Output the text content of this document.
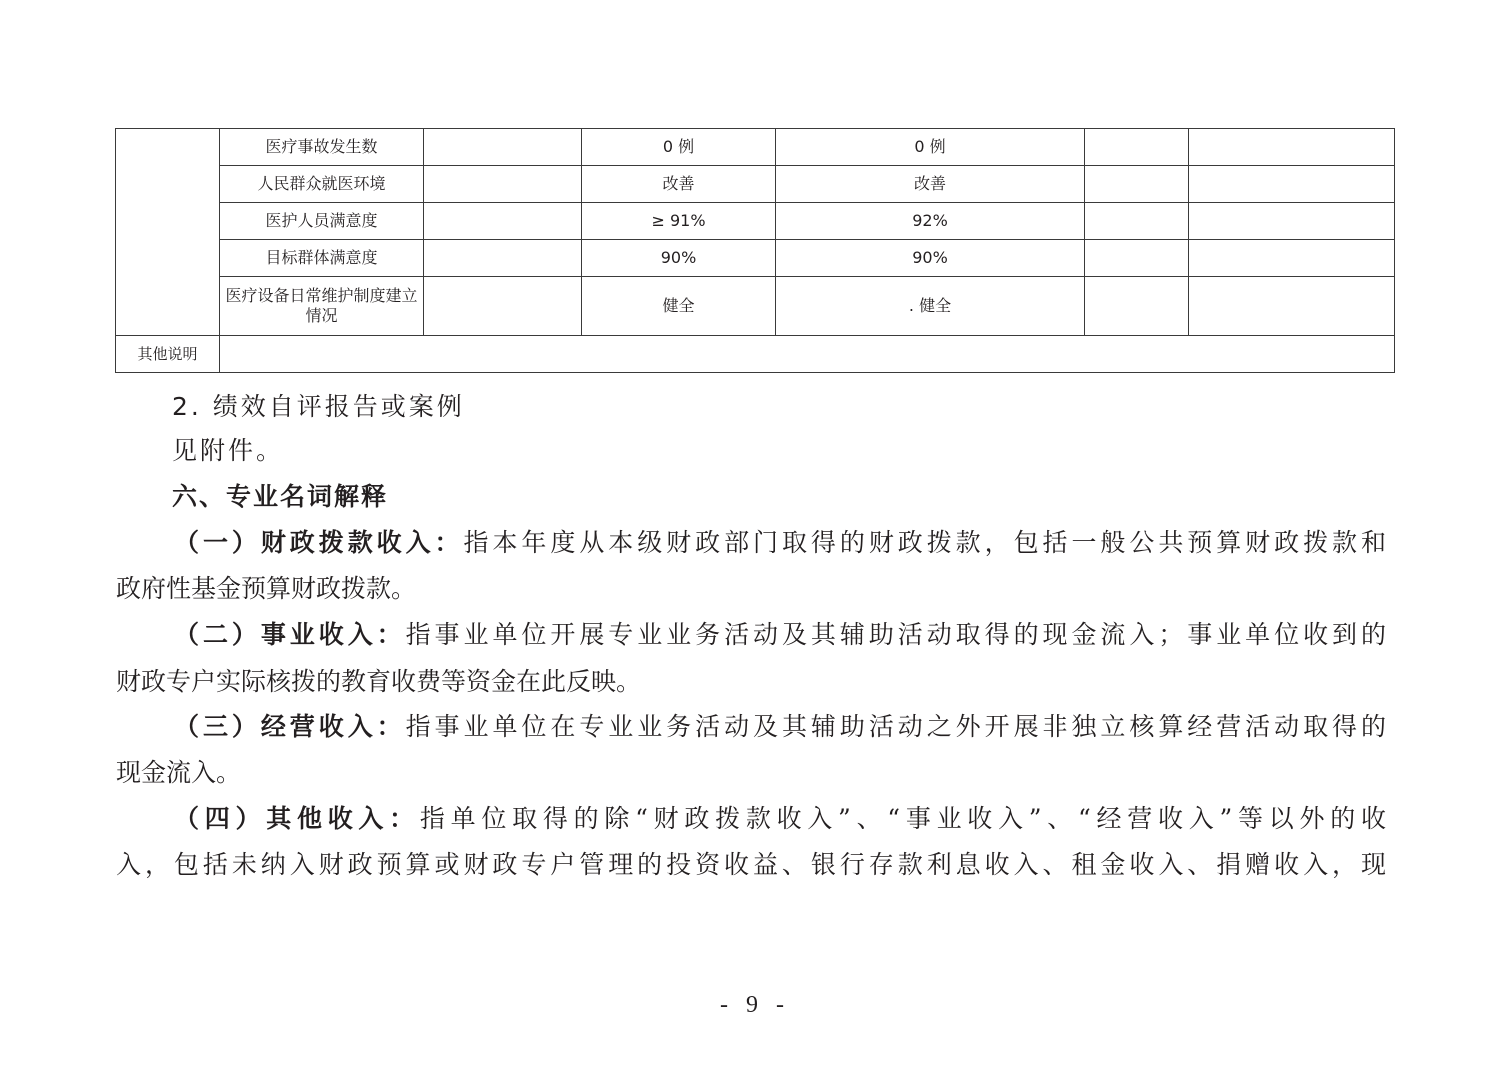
	医疗事故发生数		0 例	0 例		
	人民群众就医环境		改善	改善		
	医护人员满意度		≥ 91%	92%		
	目标群体满意度		90%	90%		
	医疗设备日常维护制度建立情况		健全	. 健全		
其他说明						
2. 绩效自评报告或案例
见附件。
六、专业名词解释
（一）财政拨款收入：指本年度从本级财政部门取得的财政拨款，包括一般公共预算财政拨款和
政府性基金预算财政拨款。
（二）事业收入：指事业单位开展专业业务活动及其辅助活动取得的现金流入；事业单位收到的
财政专户实际核拨的教育收费等资金在此反映。
（三）经营收入：指事业单位在专业业务活动及其辅助活动之外开展非独立核算经营活动取得的
现金流入。
（四）其他收入：指单位取得的除“财政拨款收入”、“事业收入”、“经营收入”等以外的收
入，包括未纳入财政预算或财政专户管理的投资收益、银行存款利息收入、租金收入、捐赠收入，现
- 9 -
